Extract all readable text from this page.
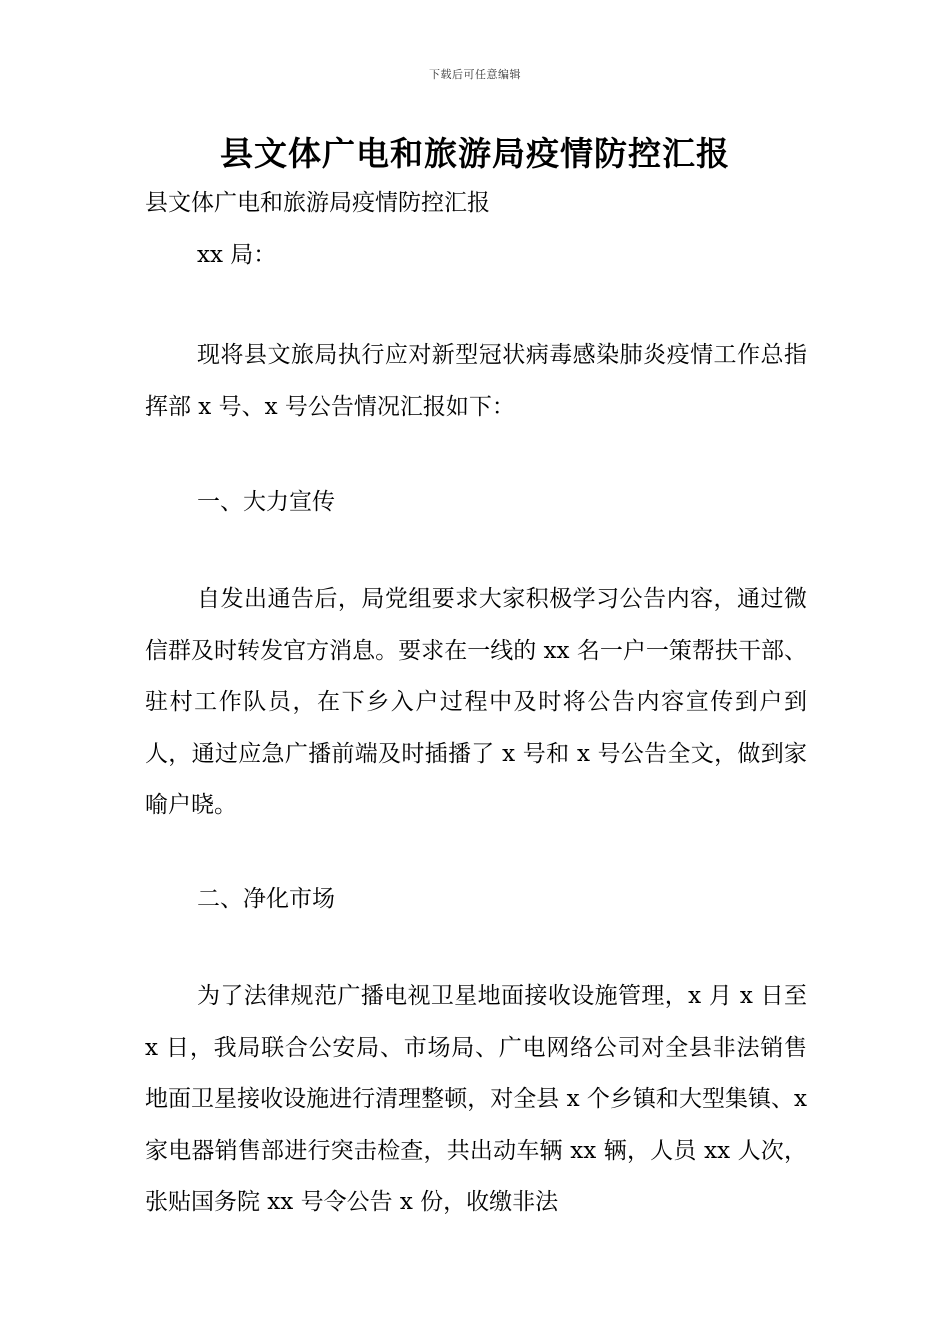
下载后可任意编辑
县文体广电和旅游局疫情防控汇报
县文体广电和旅游局疫情防控汇报
xx 局：

现将县文旅局执行应对新型冠状病毒感染肺炎疫情工作总指挥部 x 号、x 号公告情况汇报如下：

一、大力宣传

自发出通告后，局党组要求大家积极学习公告内容，通过微信群及时转发官方消息。要求在一线的 xx 名一户一策帮扶干部、驻村工作队员，在下乡入户过程中及时将公告内容宣传到户到人，通过应急广播前端及时插播了 x 号和 x 号公告全文，做到家喻户晓。

二、净化市场

为了法律规范广播电视卫星地面接收设施管理，x 月 x 日至 x 日，我局联合公安局、市场局、广电网络公司对全县非法销售地面卫星接收设施进行清理整顿，对全县 x 个乡镇和大型集镇、x 家电器销售部进行突击检查，共出动车辆 xx 辆，人员 xx 人次，张贴国务院 xx 号令公告 x 份，收缴非法
